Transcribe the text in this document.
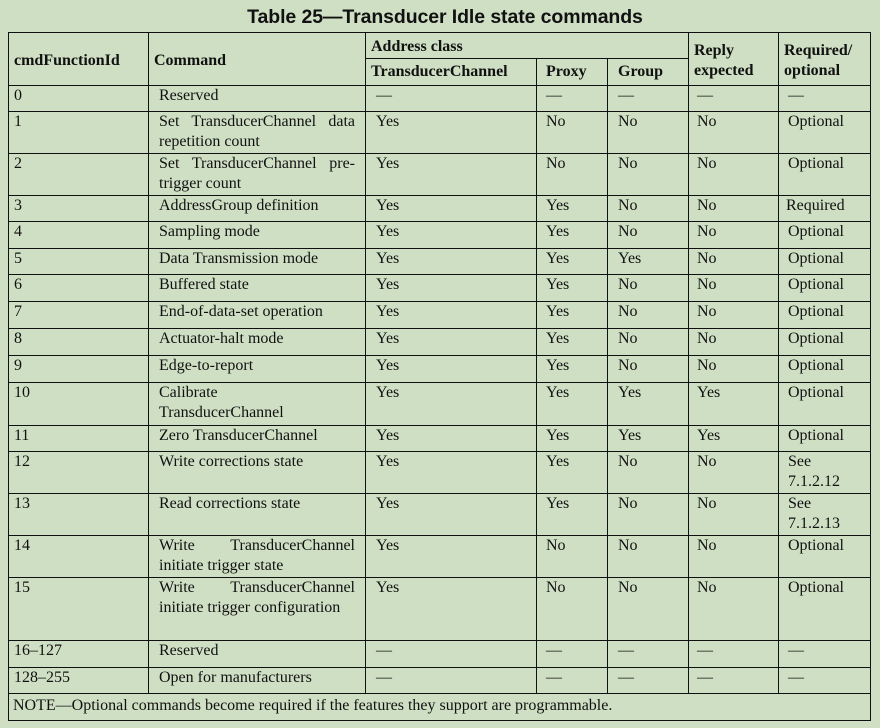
Table 25—Transducer Idle state commands
cmdFunctionId	Command	Address class			Reply expected	Required/ optional
		TransducerChannel	Proxy	Group		
0	Reserved	—	—	—	—	—
1	Set TransducerChannel data repetition count	Yes	No	No	No	Optional
2	Set TransducerChannel pre-trigger count	Yes	No	No	No	Optional
3	AddressGroup definition	Yes	Yes	No	No	Required
4	Sampling mode	Yes	Yes	No	No	Optional
5	Data Transmission mode	Yes	Yes	Yes	No	Optional
6	Buffered state	Yes	Yes	No	No	Optional
7	End-of-data-set operation	Yes	Yes	No	No	Optional
8	Actuator-halt mode	Yes	Yes	No	No	Optional
9	Edge-to-report	Yes	Yes	No	No	Optional
10	Calibrate TransducerChannel	Yes	Yes	Yes	Yes	Optional
11	Zero TransducerChannel	Yes	Yes	Yes	Yes	Optional
12	Write corrections state	Yes	Yes	No	No	See 7.1.2.12
13	Read corrections state	Yes	Yes	No	No	See 7.1.2.13
14	Write TransducerChannel initiate trigger state	Yes	No	No	No	Optional
15	Write TransducerChannel initiate trigger configuration	Yes	No	No	No	Optional
16–127	Reserved	—	—	—	—	—
128–255	Open for manufacturers	—	—	—	—	—
NOTE—Optional commands become required if the features they support are programmable.						
